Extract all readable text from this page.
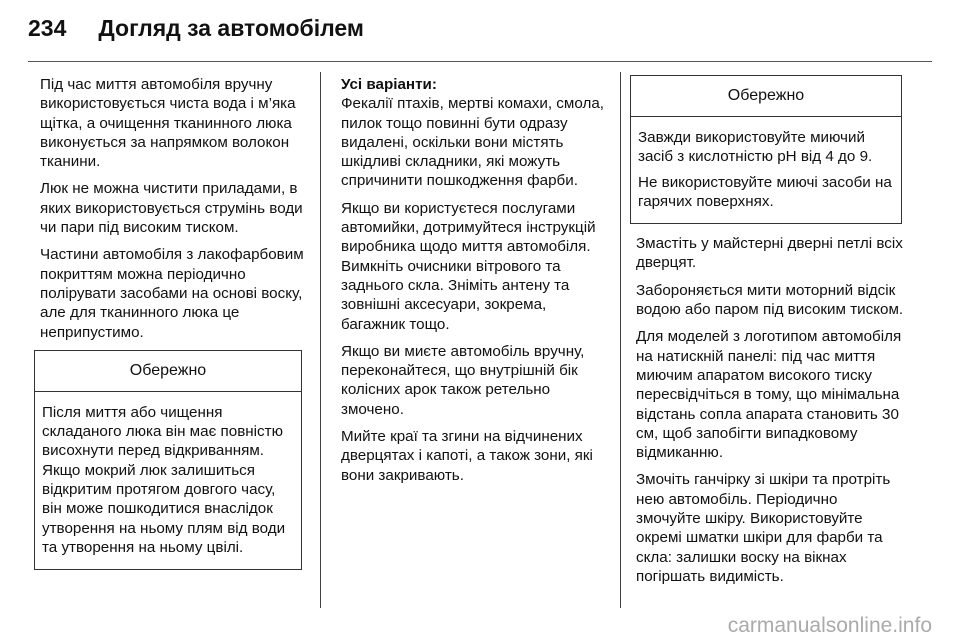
234 Догляд за автомобілем

Під час миття автомобіля вручну використовується чиста вода і м’яка щітка, а очищення тканинного люка виконується за напрямком волокон тканини.

Люк не можна чистити приладами, в яких використовується струмінь води чи пари під високим тиском.

Частини автомобіля з лакофарбовим покриттям можна періодично полірувати засобами на основі воску, але для тканинного люка це неприпустимо.

Обережно

Після миття або чищення складаного люка він має повністю висохнути перед відкриванням. Якщо мокрий люк залишиться відкритим протягом довгого часу, він може пошкодитися внаслідок утворення на ньому плям від води та утворення на ньому цвілі.

Усі варіанти:

Фекалії птахів, мертві комахи, смола, пилок тощо повинні бути одразу видалені, оскільки вони містять шкідливі складники, які можуть спричинити пошкодження фарби.

Якщо ви користуєтеся послугами автомийки, дотримуйтеся інструкцій виробника щодо миття автомобіля. Вимкніть очисники вітрового та заднього скла. Зніміть антену та зовнішні аксесуари, зокрема, багажник тощо.

Якщо ви миєте автомобіль вручну, переконайтеся, що внутрішній бік колісних арок також ретельно змочено.

Мийте краї та згини на відчинених дверцятах і капоті, а також зони, які вони закривають.

Обережно

Завжди використовуйте миючий засіб з кислотністю pH від 4 до 9.

Не використовуйте миючі засоби на гарячих поверхнях.

Змастіть у майстерні дверні петлі всіх дверцят.

Забороняється мити моторний відсік водою або паром під високим тиском.

Для моделей з логотипом автомобіля на натискній панелі: під час миття миючим апаратом високого тиску пересвідчіться в тому, що мінімальна відстань сопла апарата становить 30 см, щоб запобігти випадковому відмиканню.

Змочіть ганчірку зі шкіри та протріть нею автомобіль. Періодично змочуйте шкіру. Використовуйте окремі шматки шкіри для фарби та скла: залишки воску на вікнах погіршать видимість.

carmanualsonline.info
